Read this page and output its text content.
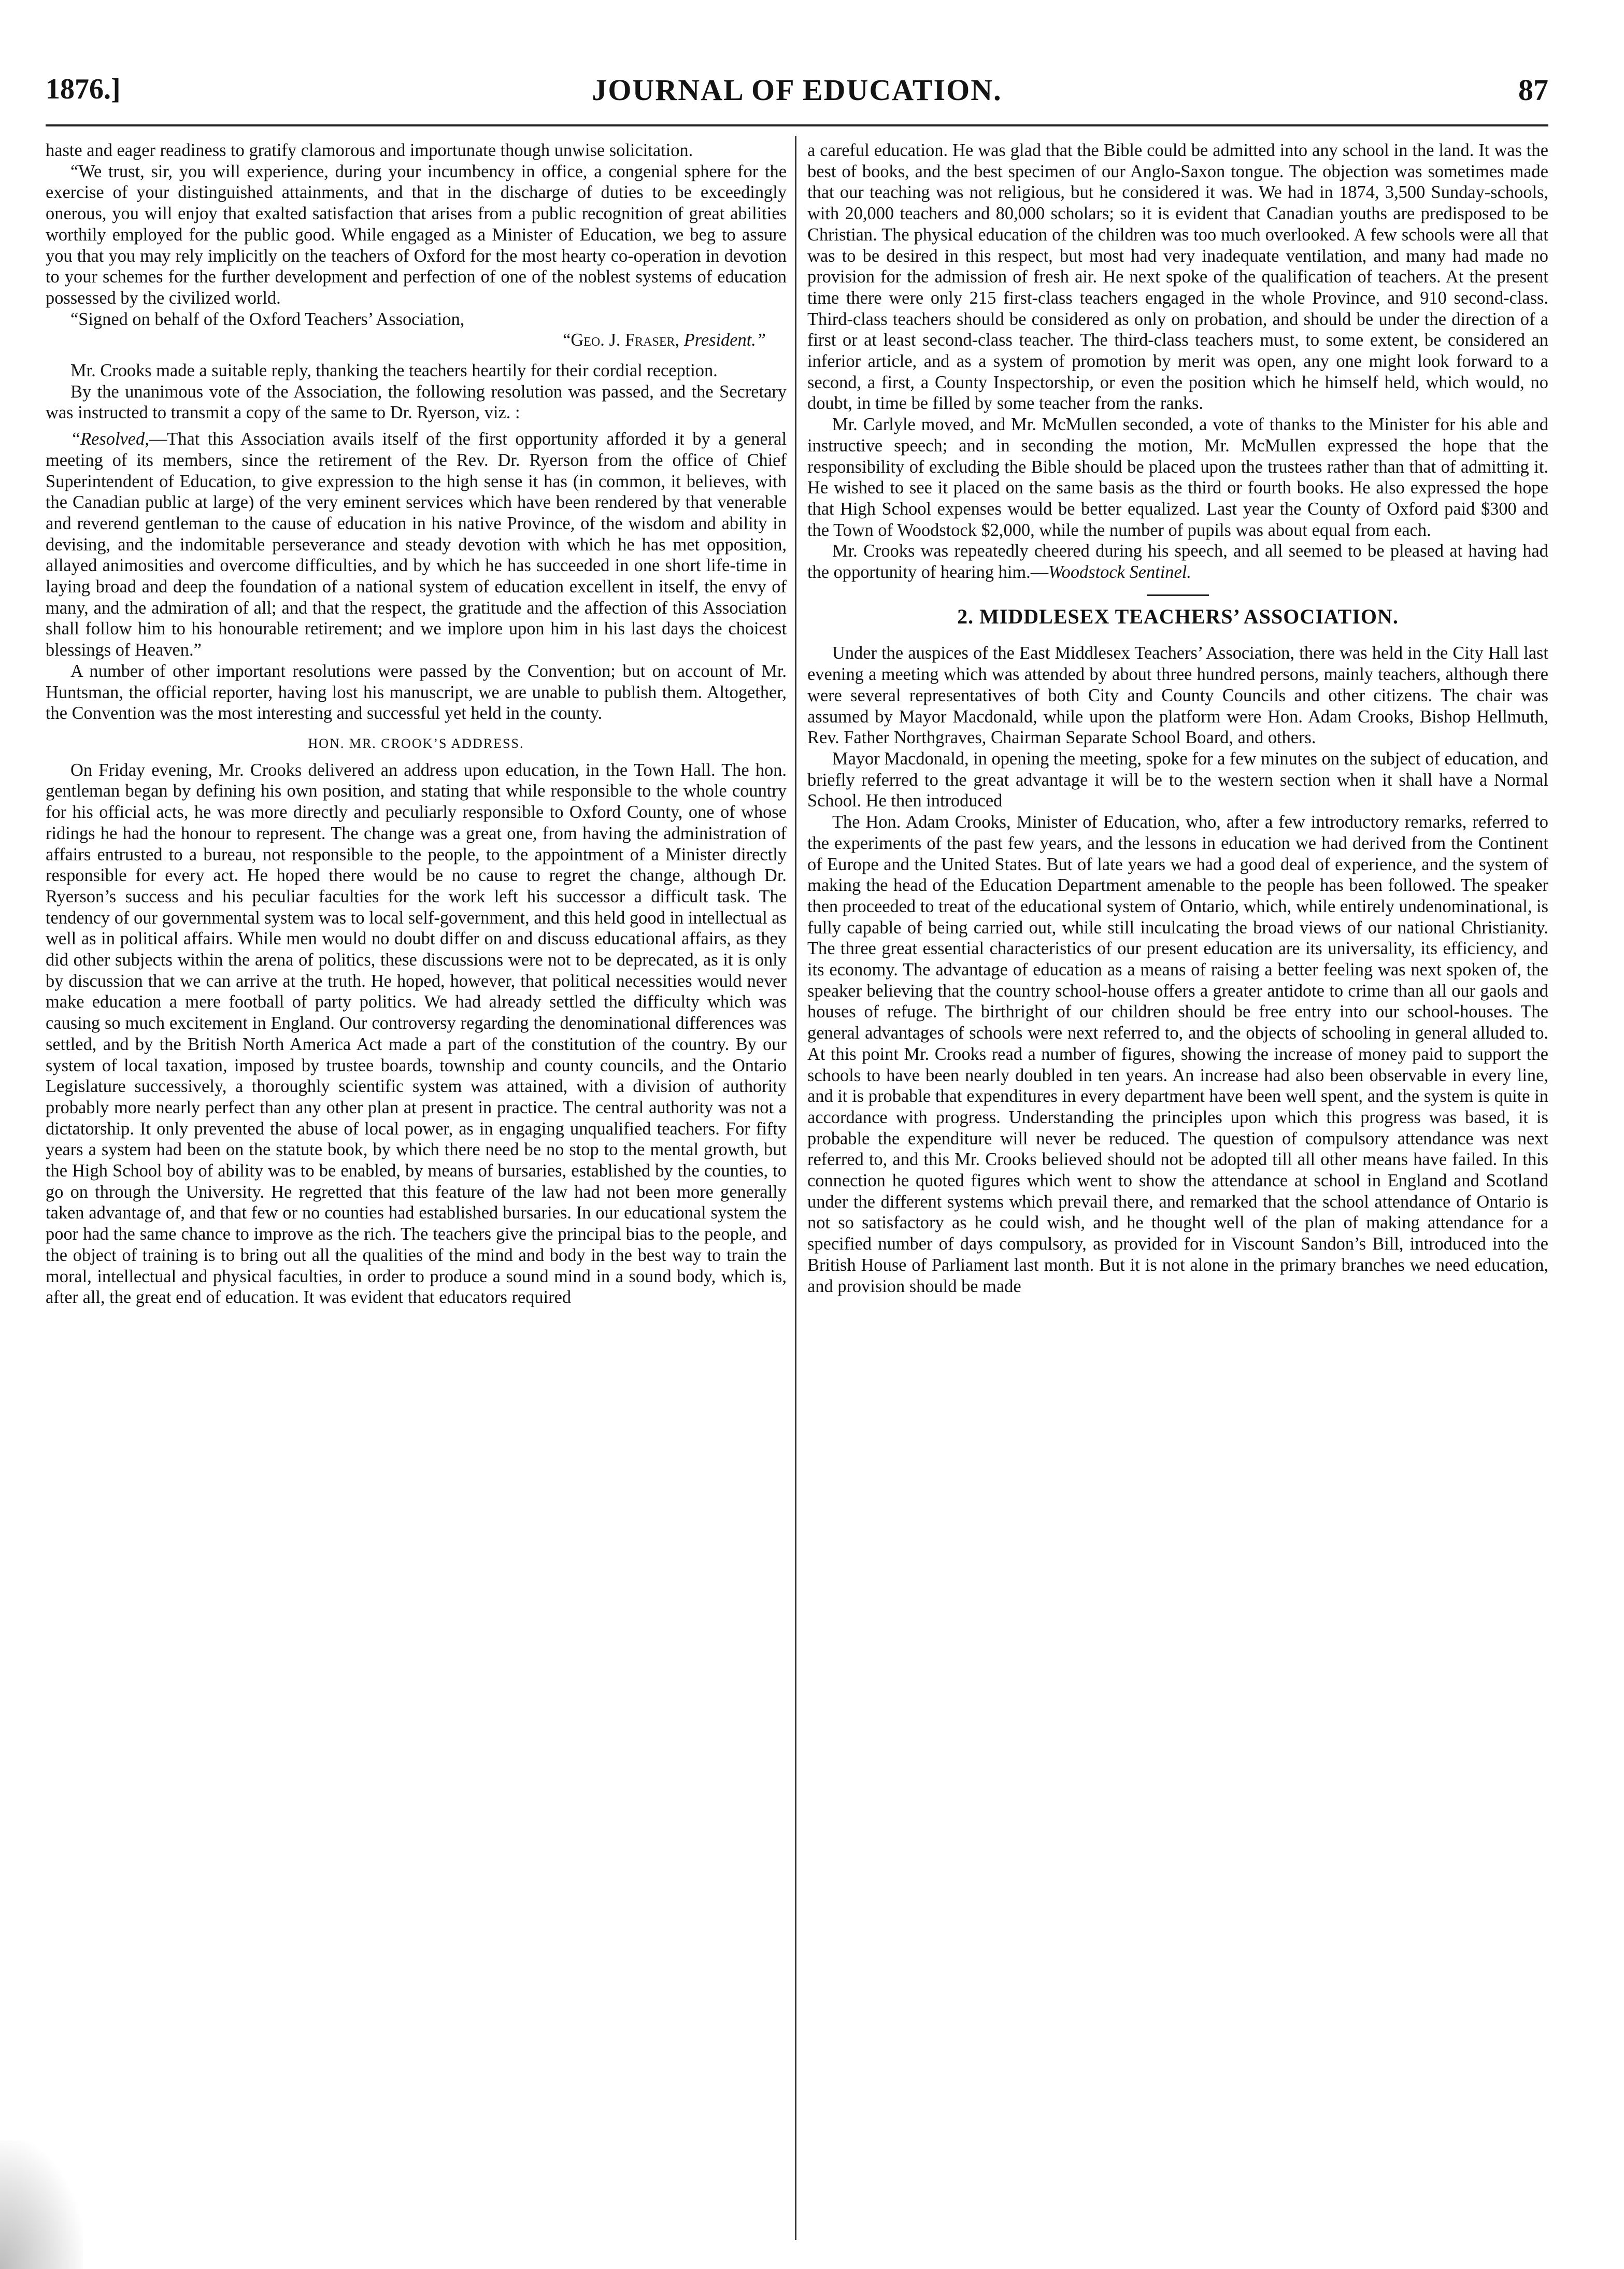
1876.]	JOURNAL OF EDUCATION.	87

haste and eager readiness to gratify clamorous and importunate though unwise solicitation.

“We trust, sir, you will experience, during your incumbency in office, a congenial sphere for the exercise of your distinguished attainments, and that in the discharge of duties to be exceedingly onerous, you will enjoy that exalted satisfaction that arises from a public recognition of great abilities worthily employed for the public good. While engaged as a Minister of Education, we beg to assure you that you may rely implicitly on the teachers of Oxford for the most hearty co-operation in devotion to your schemes for the further development and perfection of one of the noblest systems of education possessed by the civilized world.

“Signed on behalf of the Oxford Teachers’ Association,

“Geo. J. Fraser, President.”

Mr. Crooks made a suitable reply, thanking the teachers heartily for their cordial reception.

By the unanimous vote of the Association, the following resolution was passed, and the Secretary was instructed to transmit a copy of the same to Dr. Ryerson, viz. :

“Resolved,—That this Association avails itself of the first opportunity afforded it by a general meeting of its members, since the retirement of the Rev. Dr. Ryerson from the office of Chief Superintendent of Education, to give expression to the high sense it has (in common, it believes, with the Canadian public at large) of the very eminent services which have been rendered by that venerable and reverend gentleman to the cause of education in his native Province, of the wisdom and ability in devising, and the indomitable perseverance and steady devotion with which he has met opposition, allayed animosities and overcome difficulties, and by which he has succeeded in one short life-time in laying broad and deep the foundation of a national system of education excellent in itself, the envy of many, and the admiration of all; and that the respect, the gratitude and the affection of this Association shall follow him to his honourable retirement; and we implore upon him in his last days the choicest blessings of Heaven.”

A number of other important resolutions were passed by the Convention; but on account of Mr. Huntsman, the official reporter, having lost his manuscript, we are unable to publish them. Altogether, the Convention was the most interesting and successful yet held in the county.

HON. MR. CROOK’S ADDRESS.

On Friday evening, Mr. Crooks delivered an address upon education, in the Town Hall. The hon. gentleman began by defining his own position, and stating that while responsible to the whole country for his official acts, he was more directly and peculiarly responsible to Oxford County, one of whose ridings he had the honour to represent. The change was a great one, from having the administration of affairs entrusted to a bureau, not responsible to the people, to the appointment of a Minister directly responsible for every act. He hoped there would be no cause to regret the change, although Dr. Ryerson’s success and his peculiar faculties for the work left his successor a difficult task. The tendency of our governmental system was to local self-government, and this held good in intellectual as well as in political affairs. While men would no doubt differ on and discuss educational affairs, as they did other subjects within the arena of politics, these discussions were not to be deprecated, as it is only by discussion that we can arrive at the truth. He hoped, however, that political necessities would never make education a mere football of party politics. We had already settled the difficulty which was causing so much excitement in England. Our controversy regarding the denominational differences was settled, and by the British North America Act made a part of the constitution of the country. By our system of local taxation, imposed by trustee boards, township and county councils, and the Ontario Legislature successively, a thoroughly scientific system was attained, with a division of authority probably more nearly perfect than any other plan at present in practice. The central authority was not a dictatorship. It only prevented the abuse of local power, as in engaging unqualified teachers. For fifty years a system had been on the statute book, by which there need be no stop to the mental growth, but the High School boy of ability was to be enabled, by means of bursaries, established by the counties, to go on through the University. He regretted that this feature of the law had not been more generally taken advantage of, and that few or no counties had established bursaries. In our educational system the poor had the same chance to improve as the rich. The teachers give the principal bias to the people, and the object of training is to bring out all the qualities of the mind and body in the best way to train the moral, intellectual and physical faculties, in order to produce a sound mind in a sound body, which is, after all, the great end of education. It was evident that educators required

a careful education. He was glad that the Bible could be admitted into any school in the land. It was the best of books, and the best specimen of our Anglo-Saxon tongue. The objection was sometimes made that our teaching was not religious, but he considered it was. We had in 1874, 3,500 Sunday-schools, with 20,000 teachers and 80,000 scholars; so it is evident that Canadian youths are predisposed to be Christian. The physical education of the children was too much overlooked. A few schools were all that was to be desired in this respect, but most had very inadequate ventilation, and many had made no provision for the admission of fresh air. He next spoke of the qualification of teachers. At the present time there were only 215 first-class teachers engaged in the whole Province, and 910 second-class. Third-class teachers should be considered as only on probation, and should be under the direction of a first or at least second-class teacher. The third-class teachers must, to some extent, be considered an inferior article, and as a system of promotion by merit was open, any one might look forward to a second, a first, a County Inspectorship, or even the position which he himself held, which would, no doubt, in time be filled by some teacher from the ranks.

Mr. Carlyle moved, and Mr. McMullen seconded, a vote of thanks to the Minister for his able and instructive speech; and in seconding the motion, Mr. McMullen expressed the hope that the responsibility of excluding the Bible should be placed upon the trustees rather than that of admitting it. He wished to see it placed on the same basis as the third or fourth books. He also expressed the hope that High School expenses would be better equalized. Last year the County of Oxford paid $300 and the Town of Woodstock $2,000, while the number of pupils was about equal from each.

Mr. Crooks was repeatedly cheered during his speech, and all seemed to be pleased at having had the opportunity of hearing him.—Woodstock Sentinel.

2. MIDDLESEX TEACHERS’ ASSOCIATION.

Under the auspices of the East Middlesex Teachers’ Association, there was held in the City Hall last evening a meeting which was attended by about three hundred persons, mainly teachers, although there were several representatives of both City and County Councils and other citizens. The chair was assumed by Mayor Macdonald, while upon the platform were Hon. Adam Crooks, Bishop Hellmuth, Rev. Father Northgraves, Chairman Separate School Board, and others.

Mayor Macdonald, in opening the meeting, spoke for a few minutes on the subject of education, and briefly referred to the great advantage it will be to the western section when it shall have a Normal School. He then introduced

The Hon. Adam Crooks, Minister of Education, who, after a few introductory remarks, referred to the experiments of the past few years, and the lessons in education we had derived from the Continent of Europe and the United States. But of late years we had a good deal of experience, and the system of making the head of the Education Department amenable to the people has been followed. The speaker then proceeded to treat of the educational system of Ontario, which, while entirely undenominational, is fully capable of being carried out, while still inculcating the broad views of our national Christianity. The three great essential characteristics of our present education are its universality, its efficiency, and its economy. The advantage of education as a means of raising a better feeling was next spoken of, the speaker believing that the country school-house offers a greater antidote to crime than all our gaols and houses of refuge. The birthright of our children should be free entry into our school-houses. The general advantages of schools were next referred to, and the objects of schooling in general alluded to. At this point Mr. Crooks read a number of figures, showing the increase of money paid to support the schools to have been nearly doubled in ten years. An increase had also been observable in every line, and it is probable that expenditures in every department have been well spent, and the system is quite in accordance with progress. Understanding the principles upon which this progress was based, it is probable the expenditure will never be reduced. The question of compulsory attendance was next referred to, and this Mr. Crooks believed should not be adopted till all other means have failed. In this connection he quoted figures which went to show the attendance at school in England and Scotland under the different systems which prevail there, and remarked that the school attendance of Ontario is not so satisfactory as he could wish, and he thought well of the plan of making attendance for a specified number of days compulsory, as provided for in Viscount Sandon’s Bill, introduced into the British House of Parliament last month. But it is not alone in the primary branches we need education, and provision should be made
